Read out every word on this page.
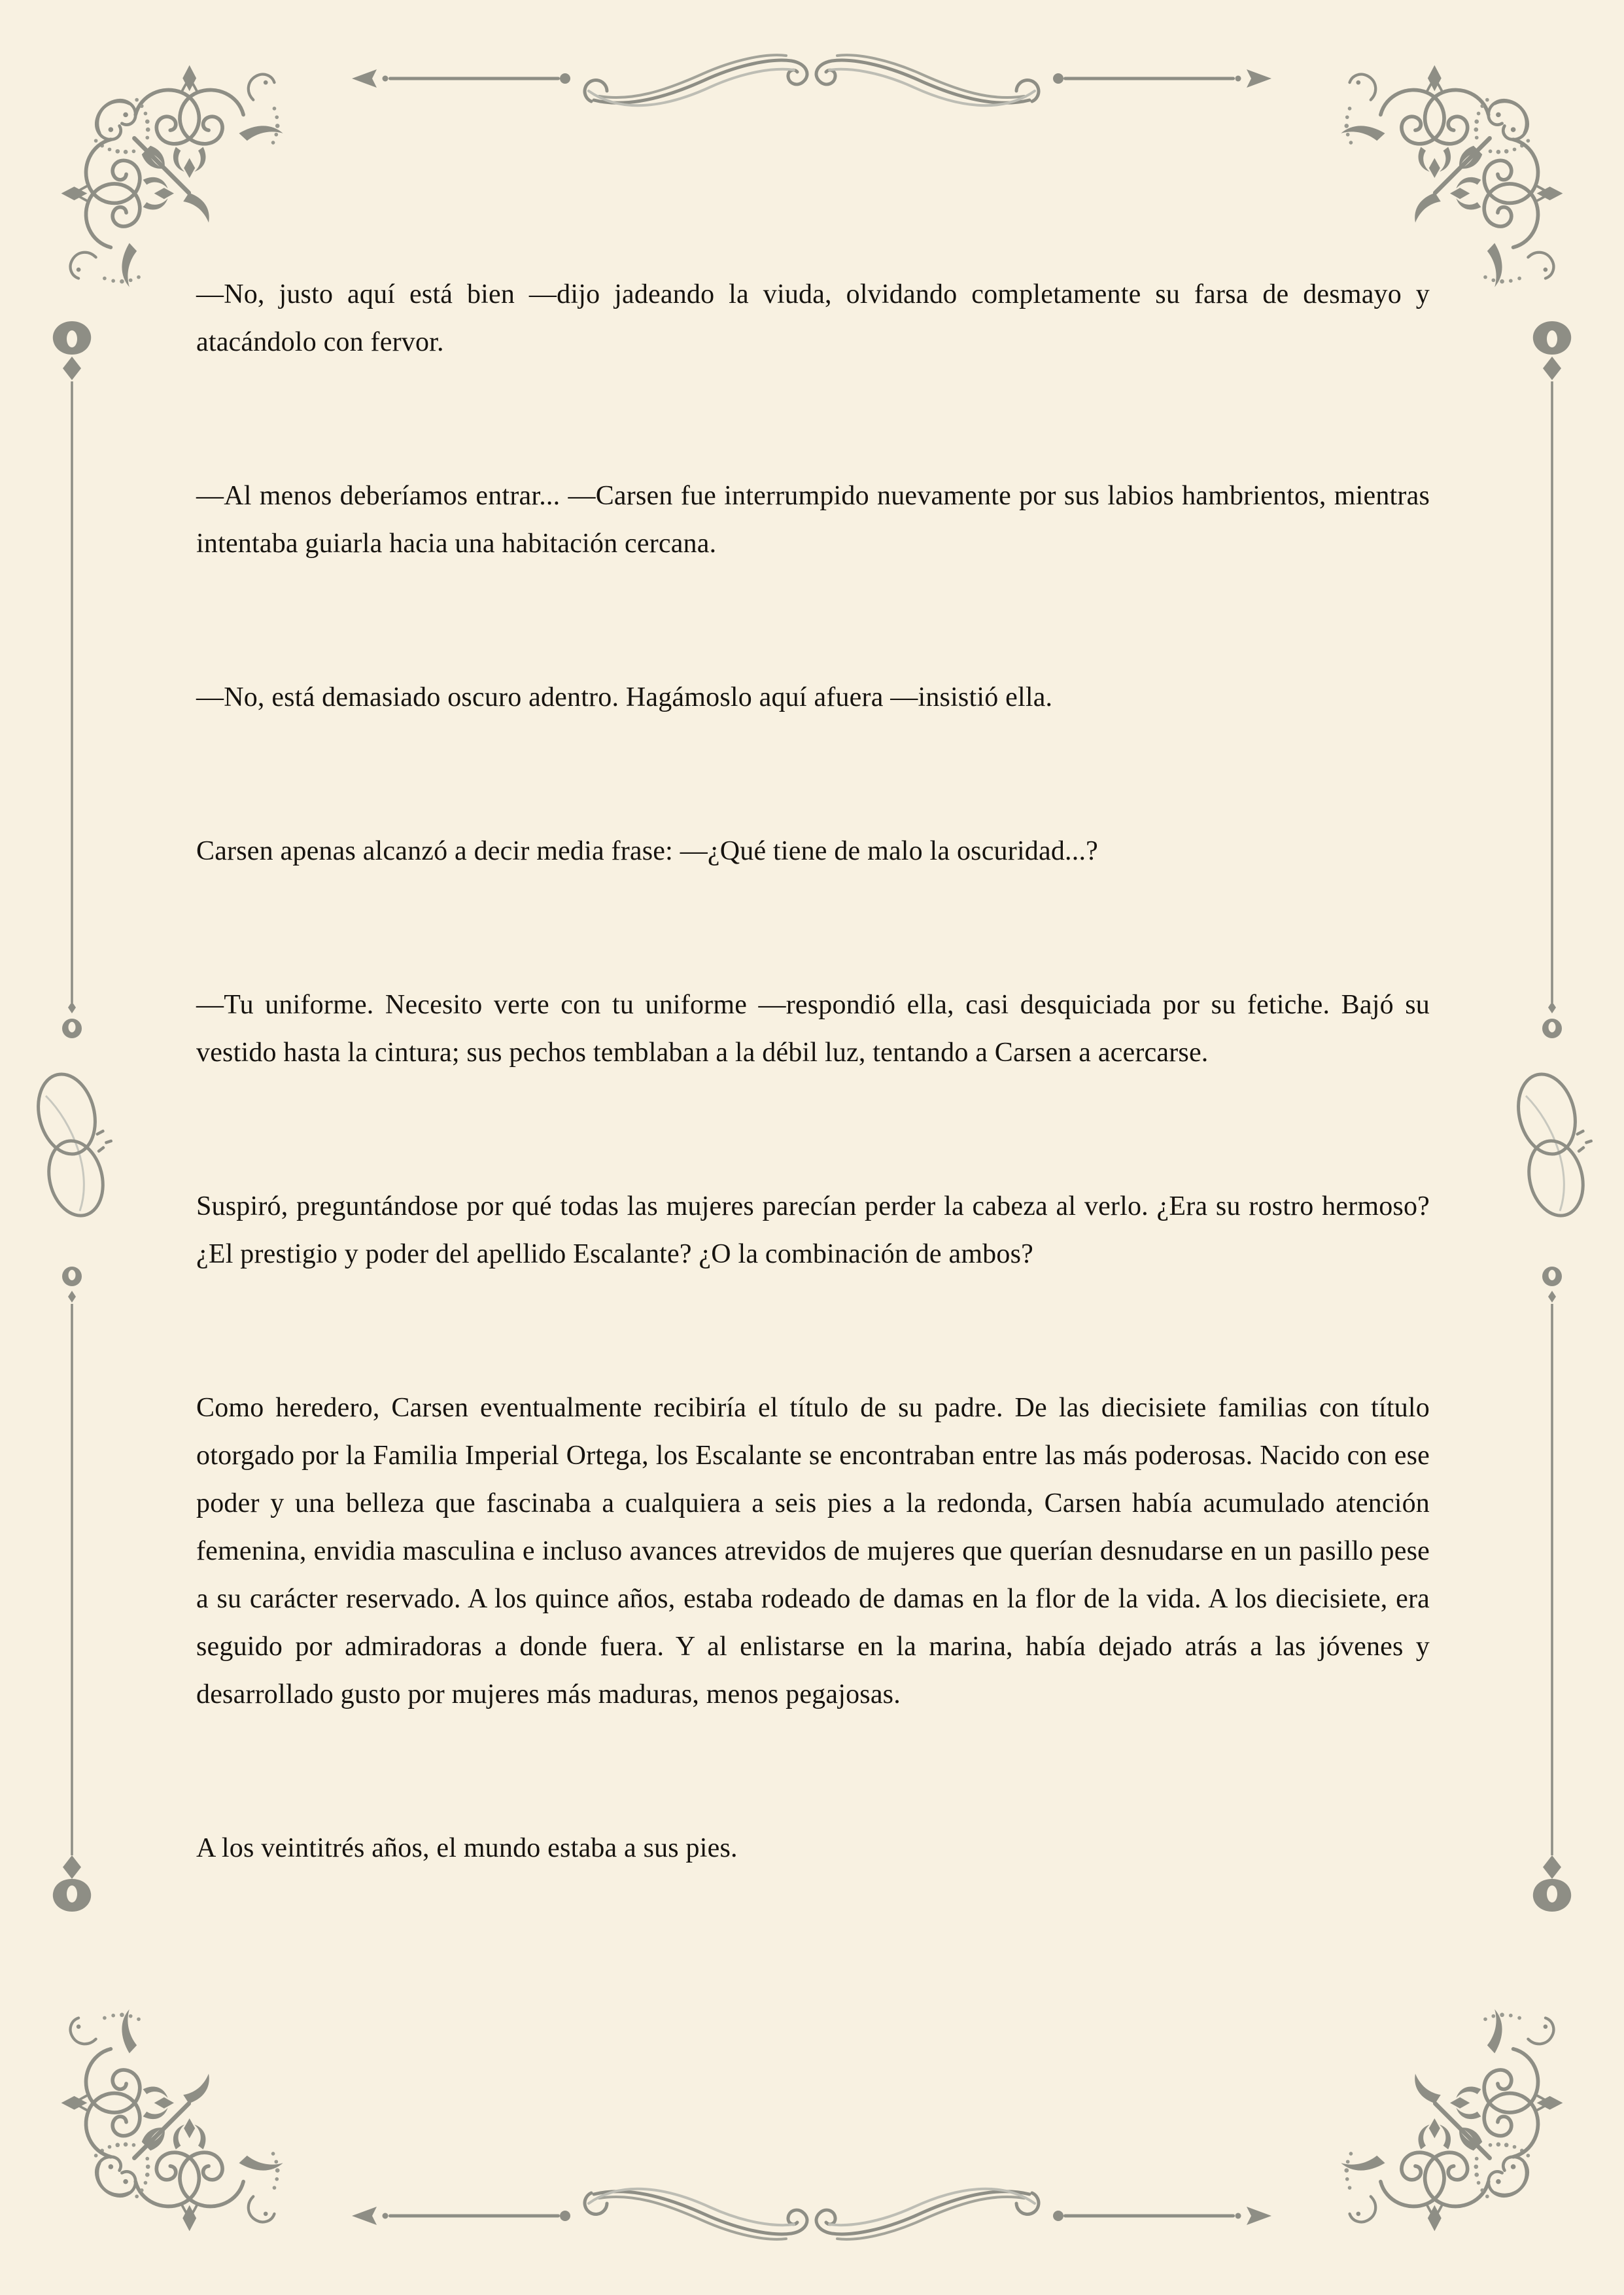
—No, justo aquí está bien —dijo jadeando la viuda, olvidando completamente su farsa de desmayo y atacándolo con fervor.

—Al menos deberíamos entrar... —Carsen fue interrumpido nuevamente por sus labios hambrientos, mientras intentaba guiarla hacia una habitación cercana.

—No, está demasiado oscuro adentro. Hagámoslo aquí afuera —insistió ella.

Carsen apenas alcanzó a decir media frase: —¿Qué tiene de malo la oscuridad...?

—Tu uniforme. Necesito verte con tu uniforme —respondió ella, casi desquiciada por su fetiche. Bajó su vestido hasta la cintura; sus pechos temblaban a la débil luz, tentando a Carsen a acercarse.

Suspiró, preguntándose por qué todas las mujeres parecían perder la cabeza al verlo. ¿Era su rostro hermoso? ¿El prestigio y poder del apellido Escalante? ¿O la combinación de ambos?

Como heredero, Carsen eventualmente recibiría el título de su padre. De las diecisiete familias con título otorgado por la Familia Imperial Ortega, los Escalante se encontraban entre las más poderosas. Nacido con ese poder y una belleza que fascinaba a cualquiera a seis pies a la redonda, Carsen había acumulado atención femenina, envidia masculina e incluso avances atrevidos de mujeres que querían desnudarse en un pasillo pese a su carácter reservado. A los quince años, estaba rodeado de damas en la flor de la vida. A los diecisiete, era seguido por admiradoras a donde fuera. Y al enlistarse en la marina, había dejado atrás a las jóvenes y desarrollado gusto por mujeres más maduras, menos pegajosas.

A los veintitrés años, el mundo estaba a sus pies.
